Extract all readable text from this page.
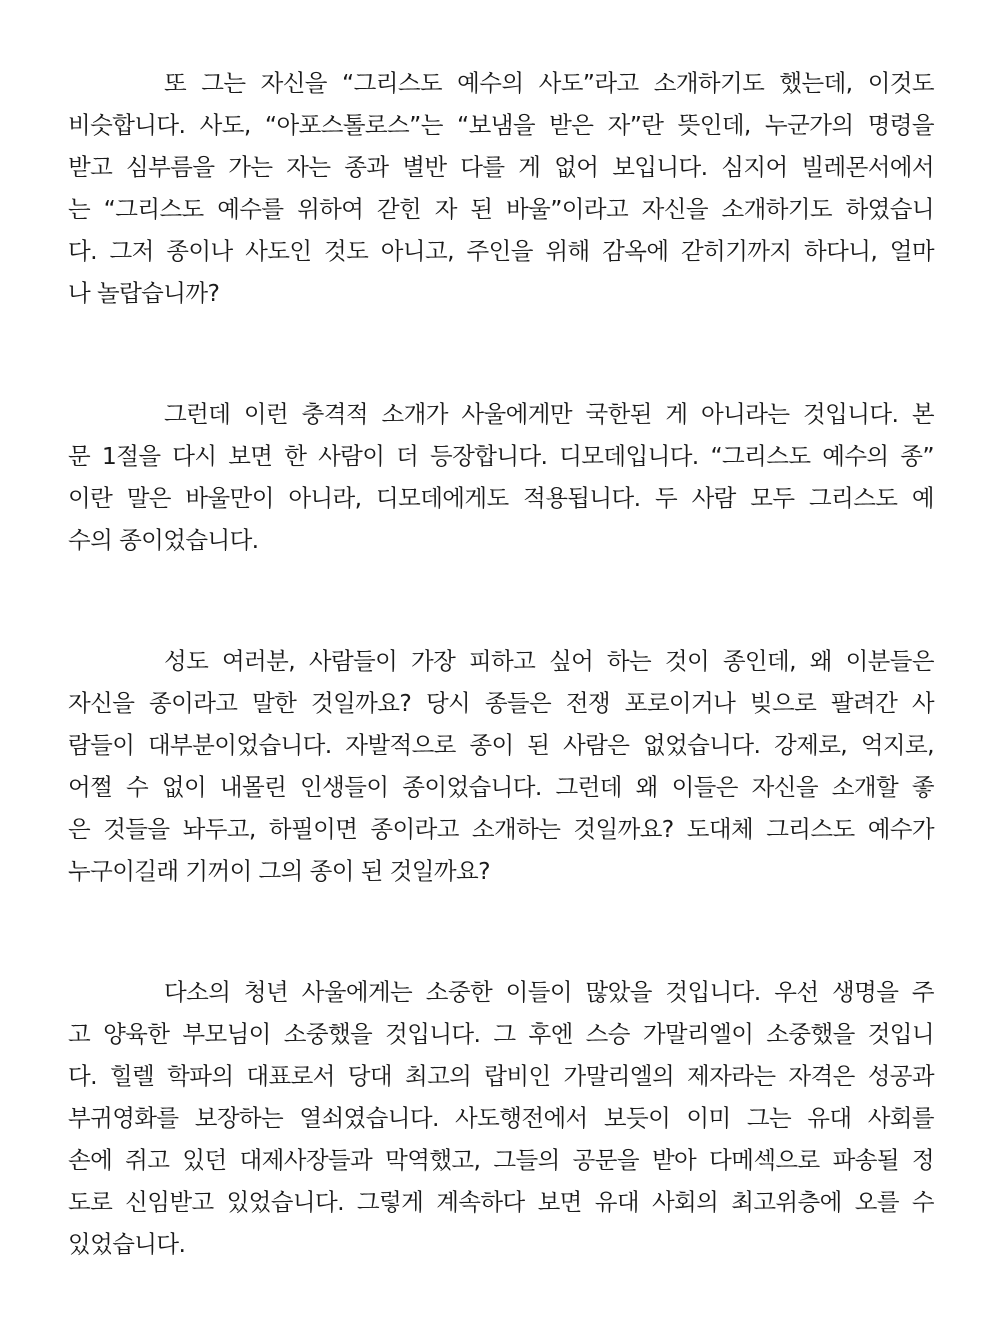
또 그는 자신을 “그리스도 예수의 사도”라고 소개하기도 했는데, 이것도
비슷합니다. 사도, “아포스톨로스”는 “보냄을 받은 자”란 뜻인데, 누군가의 명령을
받고 심부름을 가는 자는 종과 별반 다를 게 없어 보입니다. 심지어 빌레몬서에서
는 “그리스도 예수를 위하여 갇힌 자 된 바울”이라고 자신을 소개하기도 하였습니
다. 그저 종이나 사도인 것도 아니고, 주인을 위해 감옥에 갇히기까지 하다니, 얼마
나 놀랍습니까?

그런데 이런 충격적 소개가 사울에게만 국한된 게 아니라는 것입니다. 본
문 1절을 다시 보면 한 사람이 더 등장합니다. 디모데입니다. “그리스도 예수의 종”
이란 말은 바울만이 아니라, 디모데에게도 적용됩니다. 두 사람 모두 그리스도 예
수의 종이었습니다.

성도 여러분, 사람들이 가장 피하고 싶어 하는 것이 종인데, 왜 이분들은
자신을 종이라고 말한 것일까요? 당시 종들은 전쟁 포로이거나 빚으로 팔려간 사
람들이 대부분이었습니다. 자발적으로 종이 된 사람은 없었습니다. 강제로, 억지로,
어쩔 수 없이 내몰린 인생들이 종이었습니다. 그런데 왜 이들은 자신을 소개할 좋
은 것들을 놔두고, 하필이면 종이라고 소개하는 것일까요? 도대체 그리스도 예수가
누구이길래 기꺼이 그의 종이 된 것일까요?

다소의 청년 사울에게는 소중한 이들이 많았을 것입니다. 우선 생명을 주
고 양육한 부모님이 소중했을 것입니다. 그 후엔 스승 가말리엘이 소중했을 것입니
다. 힐렐 학파의 대표로서 당대 최고의 랍비인 가말리엘의 제자라는 자격은 성공과
부귀영화를 보장하는 열쇠였습니다. 사도행전에서 보듯이 이미 그는 유대 사회를
손에 쥐고 있던 대제사장들과 막역했고, 그들의 공문을 받아 다메섹으로 파송될 정
도로 신임받고 있었습니다. 그렇게 계속하다 보면 유대 사회의 최고위층에 오를 수
있었습니다.
